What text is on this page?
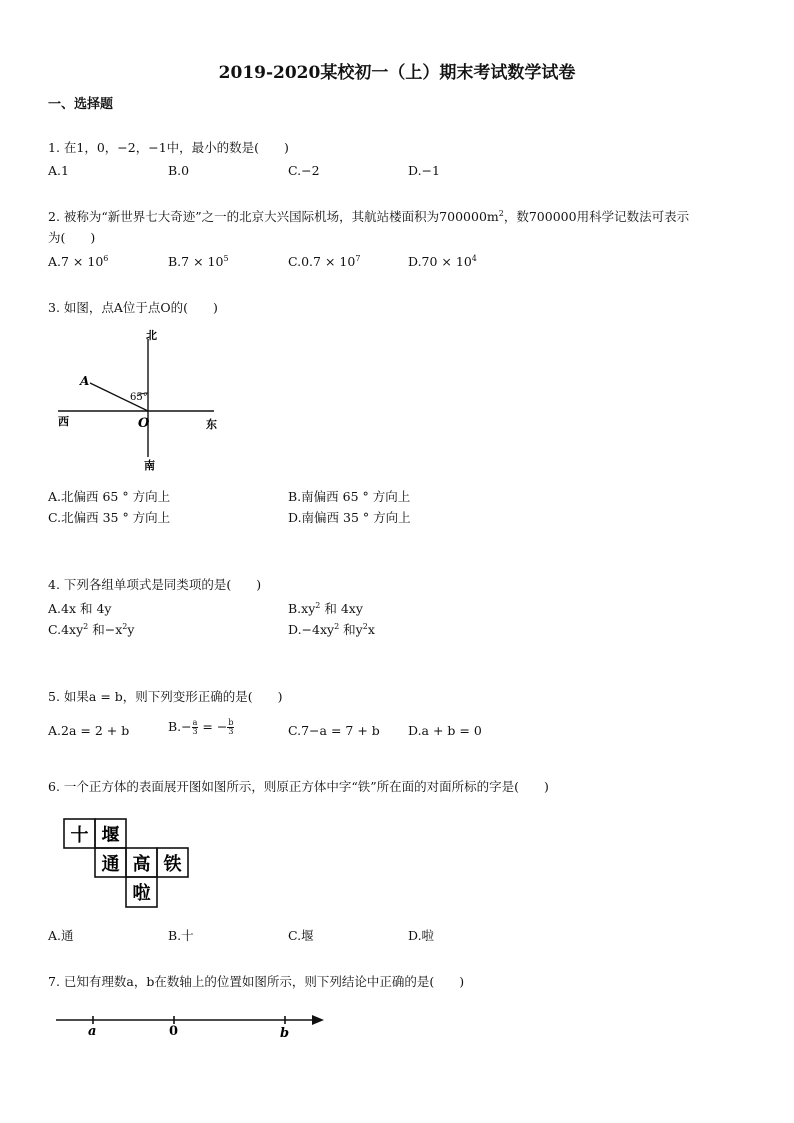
2019-2020某校初一（上）期末考试数学试卷
一、选择题
1. 在1，0，−2，−1中，最小的数是(　　)
A.1	B.0	C.−2	D.−1
2. 被称为“新世界七大奇迹”之一的北京大兴国际机场，其航站楼面积为$700000m^2$，数700000用科学记数法可表示
为(　　)
$A.7 \times 10^6$	$B.7 \times 10^5$	$C.0.7 \times 10^7$	$D.70 \times 10^4$
3. 如图，点A位于点O的(　　)
北
南
西	东
A
O
65°
A.北偏西 65 ° 方向上	B.南偏西 65 ° 方向上
C.北偏西 35 ° 方向上	D.南偏西 35 ° 方向上
4. 下列各组单项式是同类项的是(　　)
A.4x 和 4y	$B.xy^2$ 和 4xy
$C.4xy^2$ 和$-x^2y$	$D.-4xy^2$ 和$y^2x$
5. 如果a = b，则下列变形正确的是(　　)
A.2a = 2 + b	$B.- \frac{a}{3}$ = − $\frac{b}{3}$	C.7−a = 7 + b D.a + b = 0
6. 一个正方体的表面展开图如图所示，则原正方体中字“铁”所在面的对面所标的字是(　　)
十 堰
通 高 铁
啦
A.通	B.十	C.堰	D.啦
7. 已知有理数a，b在数轴上的位置如图所示，则下列结论中正确的是(　　)
a	0	b
